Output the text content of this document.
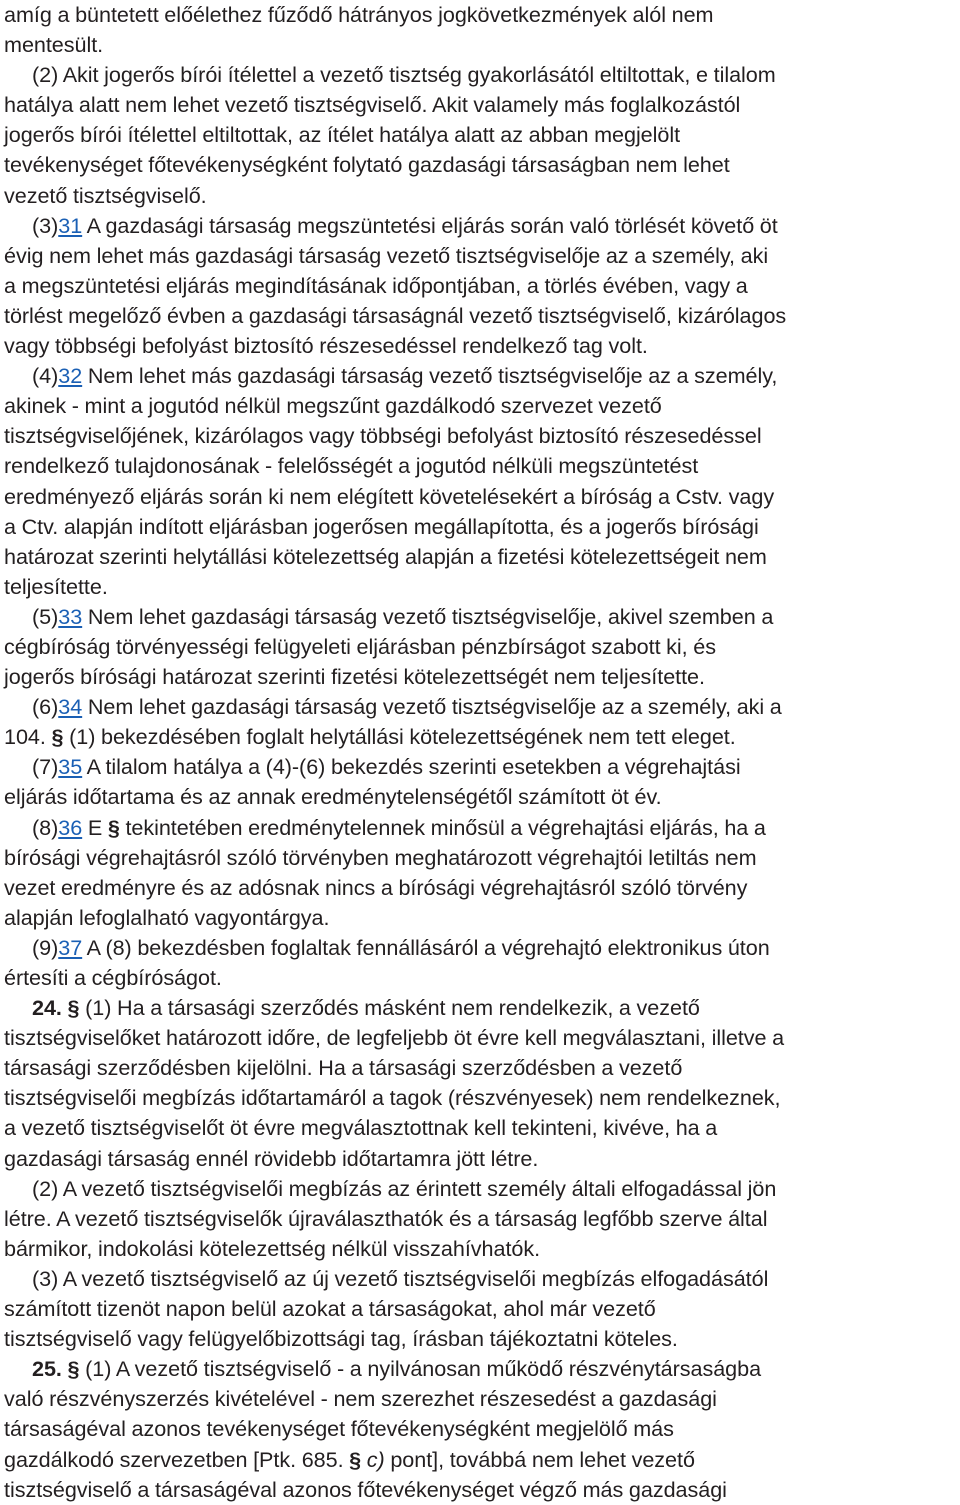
amíg a büntetett előélethez fűződő hátrányos jogkövetkezmények alól nem

mentesült.

(2) Akit jogerős bírói ítélettel a vezető tisztség gyakorlásától eltiltottak, e tilalom

hatálya alatt nem lehet vezető tisztségviselő. Akit valamely más foglalkozástól

jogerős bírói ítélettel eltiltottak, az ítélet hatálya alatt az abban megjelölt

tevékenységet főtevékenységként folytató gazdasági társaságban nem lehet

vezető tisztségviselő.

(3)31 A gazdasági társaság megszüntetési eljárás során való törlését követő öt

évig nem lehet más gazdasági társaság vezető tisztségviselője az a személy, aki

a megszüntetési eljárás megindításának időpontjában, a törlés évében, vagy a

törlést megelőző évben a gazdasági társaságnál vezető tisztségviselő, kizárólagos

vagy többségi befolyást biztosító részesedéssel rendelkező tag volt.

(4)32 Nem lehet más gazdasági társaság vezető tisztségviselője az a személy,

akinek - mint a jogutód nélkül megszűnt gazdálkodó szervezet vezető

tisztségviselőjének, kizárólagos vagy többségi befolyást biztosító részesedéssel

rendelkező tulajdonosának - felelősségét a jogutód nélküli megszüntetést

eredményező eljárás során ki nem elégített követelésekért a bíróság a Cstv. vagy

a Ctv. alapján indított eljárásban jogerősen megállapította, és a jogerős bírósági

határozat szerinti helytállási kötelezettség alapján a fizetési kötelezettségeit nem

teljesítette.

(5)33 Nem lehet gazdasági társaság vezető tisztségviselője, akivel szemben a

cégbíróság törvényességi felügyeleti eljárásban pénzbírságot szabott ki, és

jogerős bírósági határozat szerinti fizetési kötelezettségét nem teljesítette.

(6)34 Nem lehet gazdasági társaság vezető tisztségviselője az a személy, aki a

104. § (1) bekezdésében foglalt helytállási kötelezettségének nem tett eleget.

(7)35 A tilalom hatálya a (4)-(6) bekezdés szerinti esetekben a végrehajtási

eljárás időtartama és az annak eredménytelenségétől számított öt év.

(8)36 E § tekintetében eredménytelennek minősül a végrehajtási eljárás, ha a

bírósági végrehajtásról szóló törvényben meghatározott végrehajtói letiltás nem

vezet eredményre és az adósnak nincs a bírósági végrehajtásról szóló törvény

alapján lefoglalható vagyontárgya.

(9)37 A (8) bekezdésben foglaltak fennállásáról a végrehajtó elektronikus úton

értesíti a cégbíróságot.

24. § (1) Ha a társasági szerződés másként nem rendelkezik, a vezető

tisztségviselőket határozott időre, de legfeljebb öt évre kell megválasztani, illetve a

társasági szerződésben kijelölni. Ha a társasági szerződésben a vezető

tisztségviselői megbízás időtartamáról a tagok (részvényesek) nem rendelkeznek,

a vezető tisztségviselőt öt évre megválasztottnak kell tekinteni, kivéve, ha a

gazdasági társaság ennél rövidebb időtartamra jött létre.

(2) A vezető tisztségviselői megbízás az érintett személy általi elfogadással jön

létre. A vezető tisztségviselők újraválaszthatók és a társaság legfőbb szerve által

bármikor, indokolási kötelezettség nélkül visszahívhatók.

(3) A vezető tisztségviselő az új vezető tisztségviselői megbízás elfogadásától

számított tizenöt napon belül azokat a társaságokat, ahol már vezető

tisztségviselő vagy felügyelőbizottsági tag, írásban tájékoztatni köteles.

25. § (1) A vezető tisztségviselő - a nyilvánosan működő részvénytársaságba

való részvényszerzés kivételével - nem szerezhet részesedést a gazdasági

társaságéval azonos tevékenységet főtevékenységként megjelölő más

gazdálkodó szervezetben [Ptk. 685. § c) pont], továbbá nem lehet vezető

tisztségviselő a társaságéval azonos főtevékenységet végző más gazdasági
